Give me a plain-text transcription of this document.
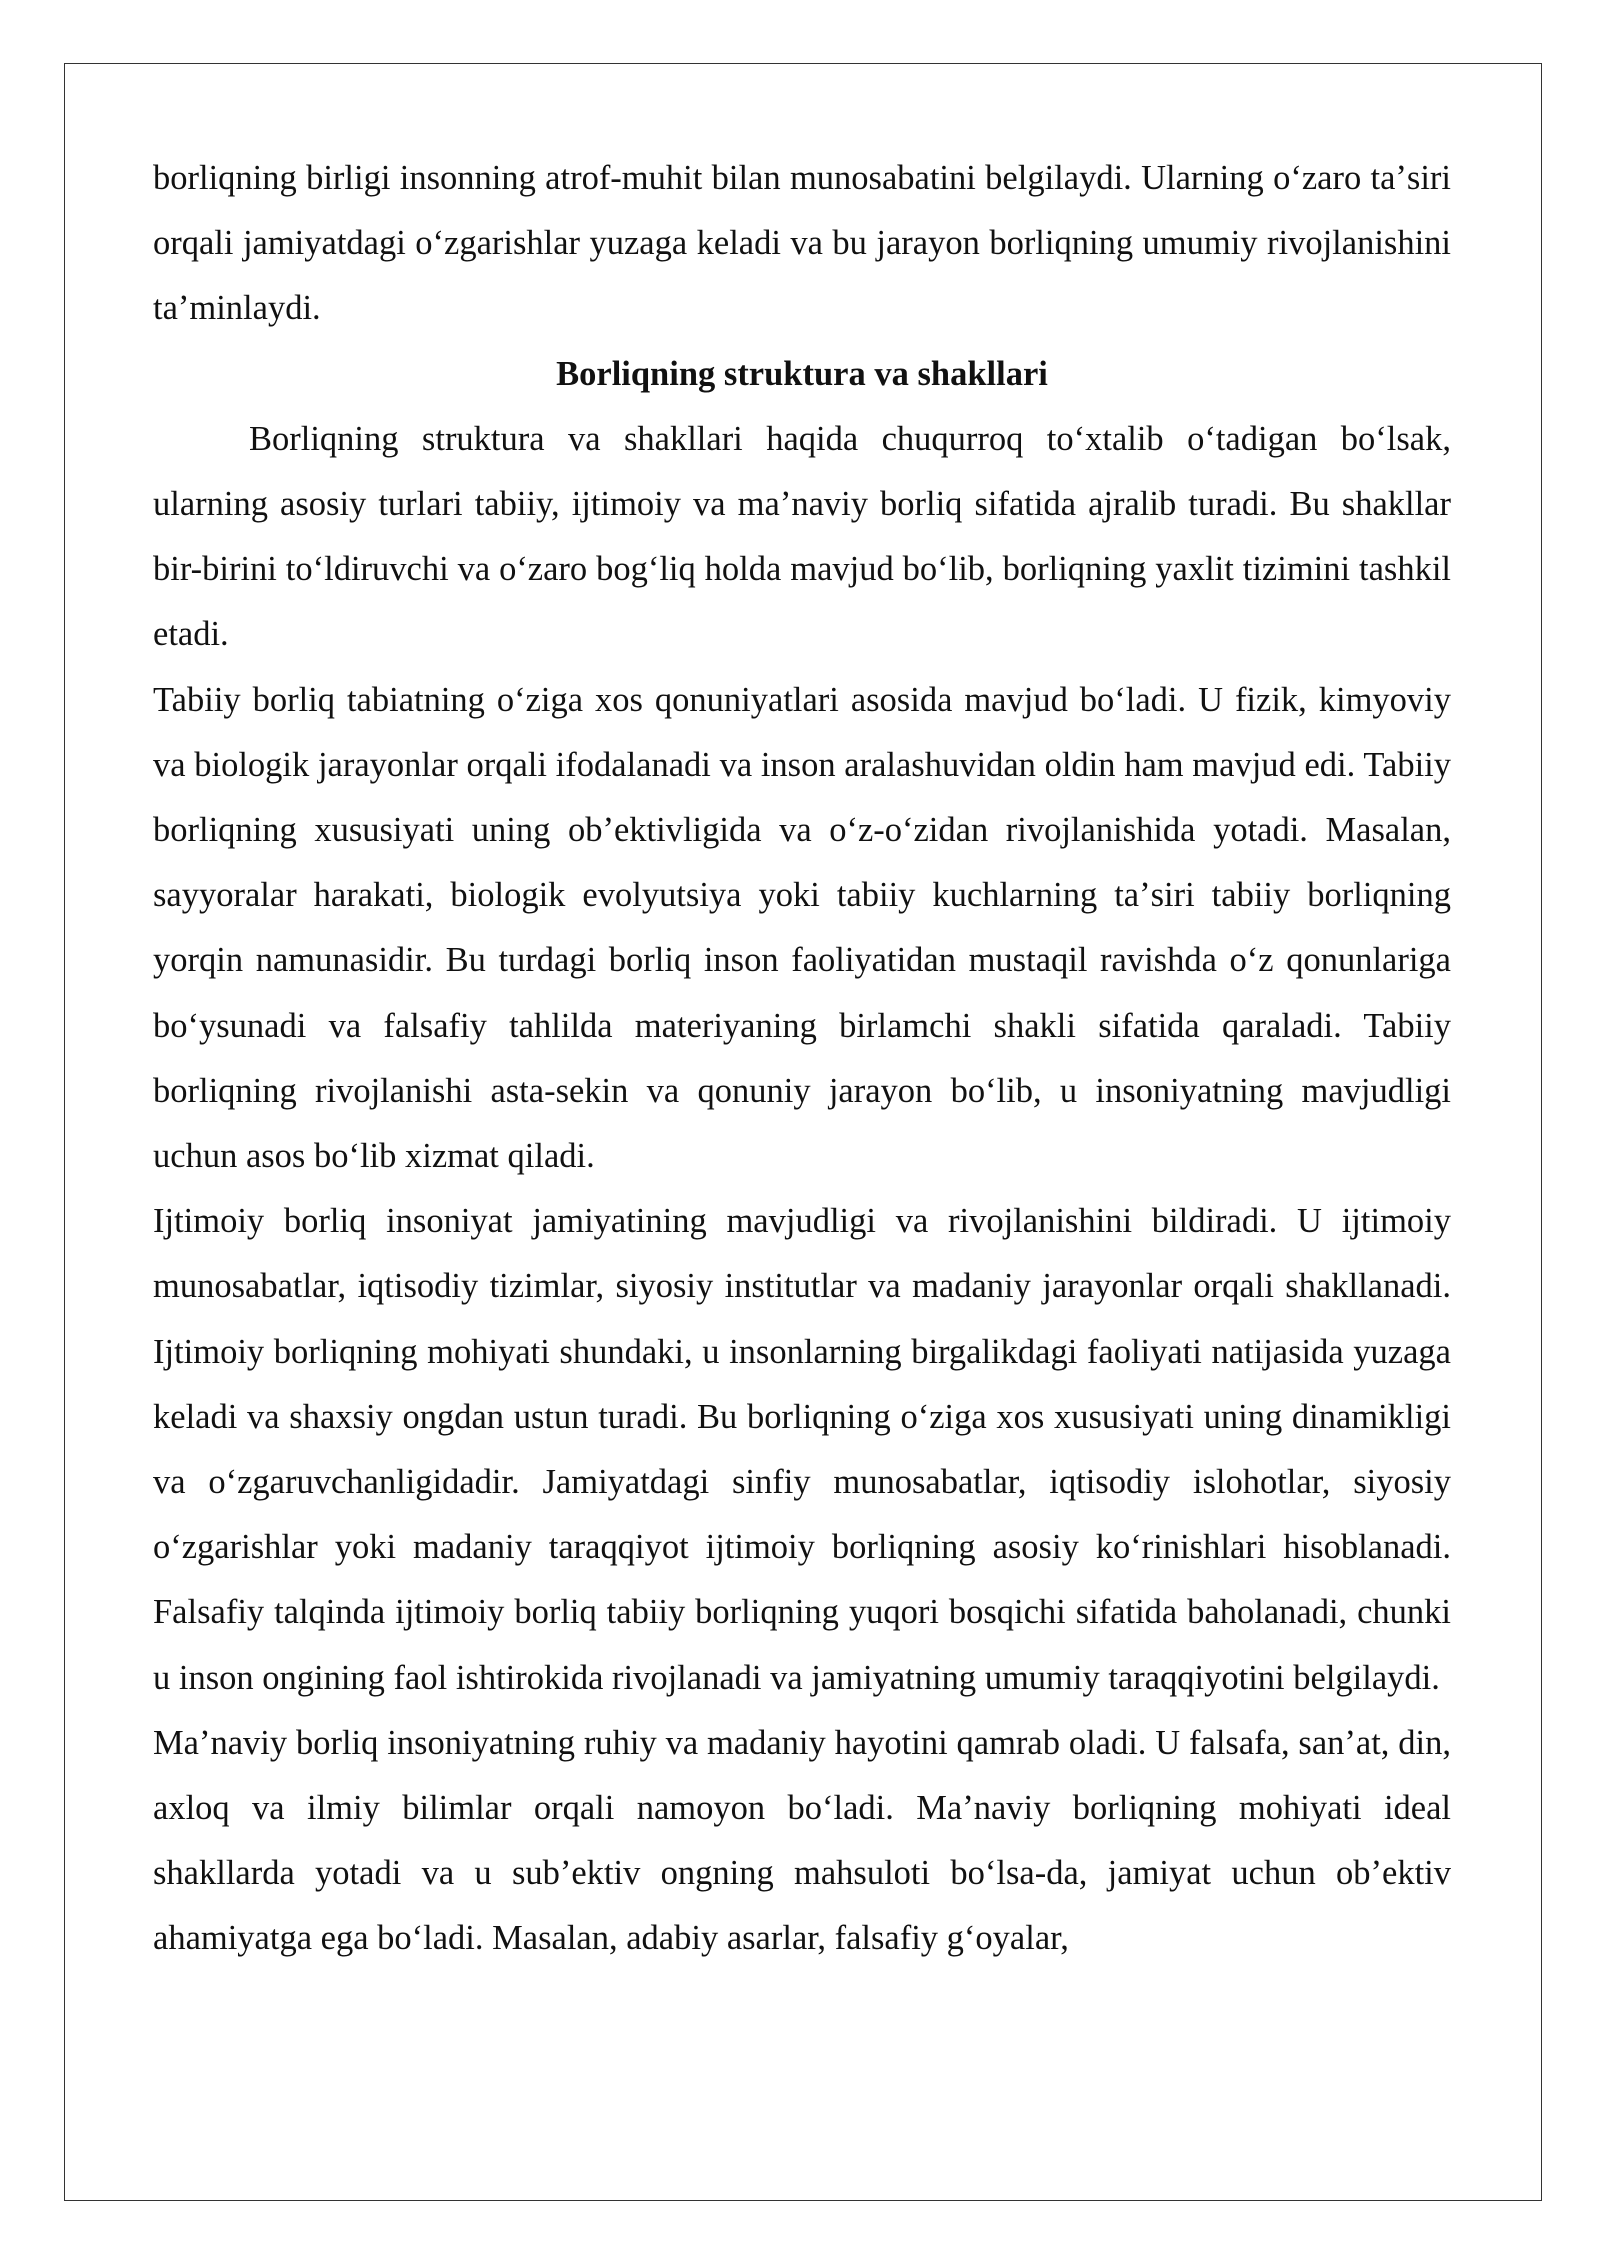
borliqning birligi insonning atrof-muhit bilan munosabatini belgilaydi. Ularning oʻzaro taʼsiri orqali jamiyatdagi oʻzgarishlar yuzaga keladi va bu jarayon borliqning umumiy rivojlanishini taʼminlaydi.

Borliqning struktura va shakllari

Borliqning struktura va shakllari haqida chuqurroq toʻxtalib oʻtadigan boʻlsak, ularning asosiy turlari tabiiy, ijtimoiy va maʼnaviy borliq sifatida ajralib turadi. Bu shakllar bir-birini toʻldiruvchi va oʻzaro bogʻliq holda mavjud boʻlib, borliqning yaxlit tizimini tashkil etadi.

Tabiiy borliq tabiatning oʻziga xos qonuniyatlari asosida mavjud boʻladi. U fizik, kimyoviy va biologik jarayonlar orqali ifodalanadi va inson aralashuvidan oldin ham mavjud edi. Tabiiy borliqning xususiyati uning obʼektivligida va oʻz-oʻzidan rivojlanishida yotadi. Masalan, sayyoralar harakati, biologik evolyutsiya yoki tabiiy kuchlarning taʼsiri tabiiy borliqning yorqin namunasidir. Bu turdagi borliq inson faoliyatidan mustaqil ravishda oʻz qonunlariga boʻysunadi va falsafiy tahlilda materiyaning birlamchi shakli sifatida qaraladi. Tabiiy borliqning rivojlanishi asta-sekin va qonuniy jarayon boʻlib, u insoniyatning mavjudligi uchun asos boʻlib xizmat qiladi.

Ijtimoiy borliq insoniyat jamiyatining mavjudligi va rivojlanishini bildiradi. U ijtimoiy munosabatlar, iqtisodiy tizimlar, siyosiy institutlar va madaniy jarayonlar orqali shakllanadi. Ijtimoiy borliqning mohiyati shundaki, u insonlarning birgalikdagi faoliyati natijasida yuzaga keladi va shaxsiy ongdan ustun turadi. Bu borliqning oʻziga xos xususiyati uning dinamikligi va oʻzgaruvchanligidadir. Jamiyatdagi sinfiy munosabatlar, iqtisodiy islohotlar, siyosiy oʻzgarishlar yoki madaniy taraqqiyot ijtimoiy borliqning asosiy koʻrinishlari hisoblanadi. Falsafiy talqinda ijtimoiy borliq tabiiy borliqning yuqori bosqichi sifatida baholanadi, chunki u inson ongining faol ishtirokida rivojlanadi va jamiyatning umumiy taraqqiyotini belgilaydi.

Maʼnaviy borliq insoniyatning ruhiy va madaniy hayotini qamrab oladi. U falsafa, sanʼat, din, axloq va ilmiy bilimlar orqali namoyon boʻladi. Maʼnaviy borliqning mohiyati ideal shakllarda yotadi va u subʼektiv ongning mahsuloti boʻlsa-da, jamiyat uchun obʼektiv ahamiyatga ega boʻladi. Masalan, adabiy asarlar, falsafiy gʻoyalar,
